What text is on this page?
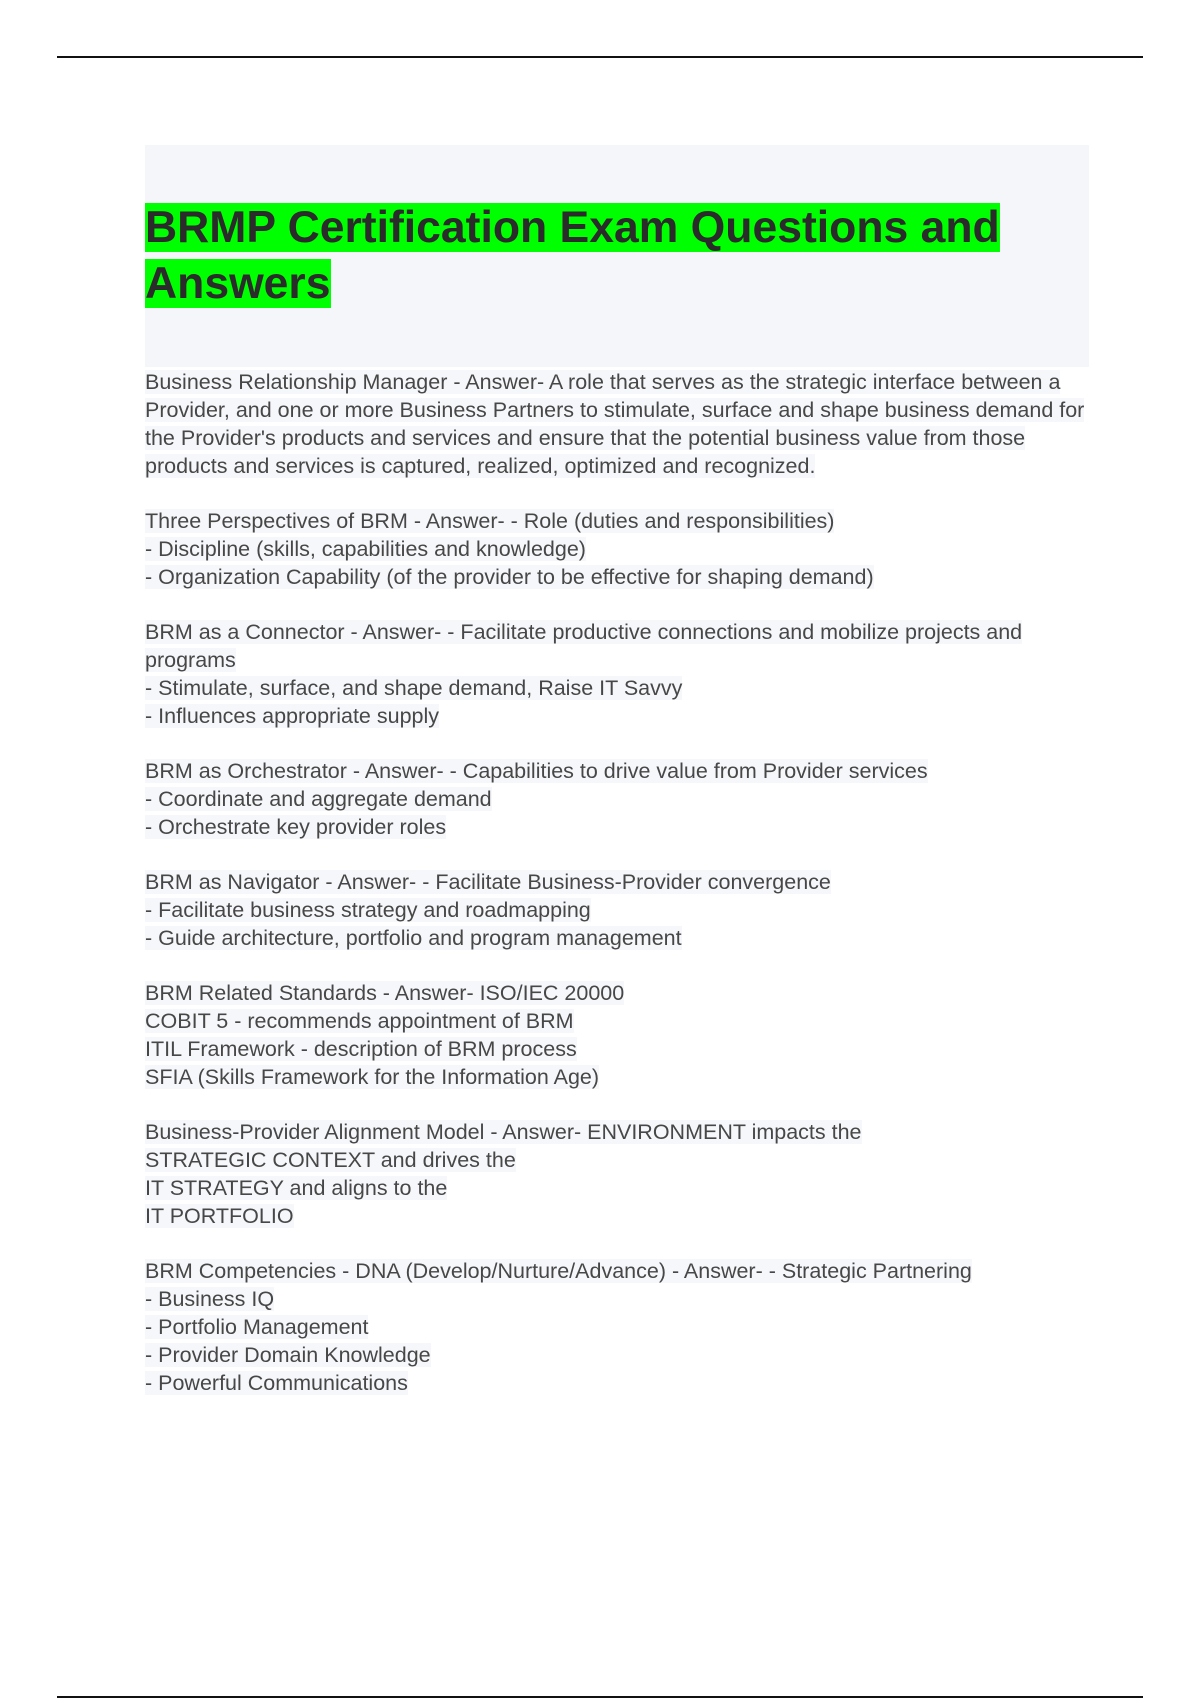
BRMP Certification Exam Questions and Answers

Business Relationship Manager - Answer- A role that serves as the strategic interface between a Provider, and one or more Business Partners to stimulate, surface and shape business demand for the Provider's products and services and ensure that the potential business value from those products and services is captured, realized, optimized and recognized.

Three Perspectives of BRM - Answer- - Role (duties and responsibilities)
- Discipline (skills, capabilities and knowledge)
- Organization Capability (of the provider to be effective for shaping demand)

BRM as a Connector - Answer- - Facilitate productive connections and mobilize projects and programs
- Stimulate, surface, and shape demand, Raise IT Savvy
- Influences appropriate supply

BRM as Orchestrator - Answer- - Capabilities to drive value from Provider services
- Coordinate and aggregate demand
- Orchestrate key provider roles

BRM as Navigator - Answer- - Facilitate Business-Provider convergence
- Facilitate business strategy and roadmapping
- Guide architecture, portfolio and program management

BRM Related Standards - Answer- ISO/IEC 20000
COBIT 5 - recommends appointment of BRM
ITIL Framework - description of BRM process
SFIA (Skills Framework for the Information Age)

Business-Provider Alignment Model - Answer- ENVIRONMENT impacts the
STRATEGIC CONTEXT and drives the
IT STRATEGY and aligns to the
IT PORTFOLIO

BRM Competencies - DNA (Develop/Nurture/Advance) - Answer- - Strategic Partnering
- Business IQ
- Portfolio Management
- Provider Domain Knowledge
- Powerful Communications
